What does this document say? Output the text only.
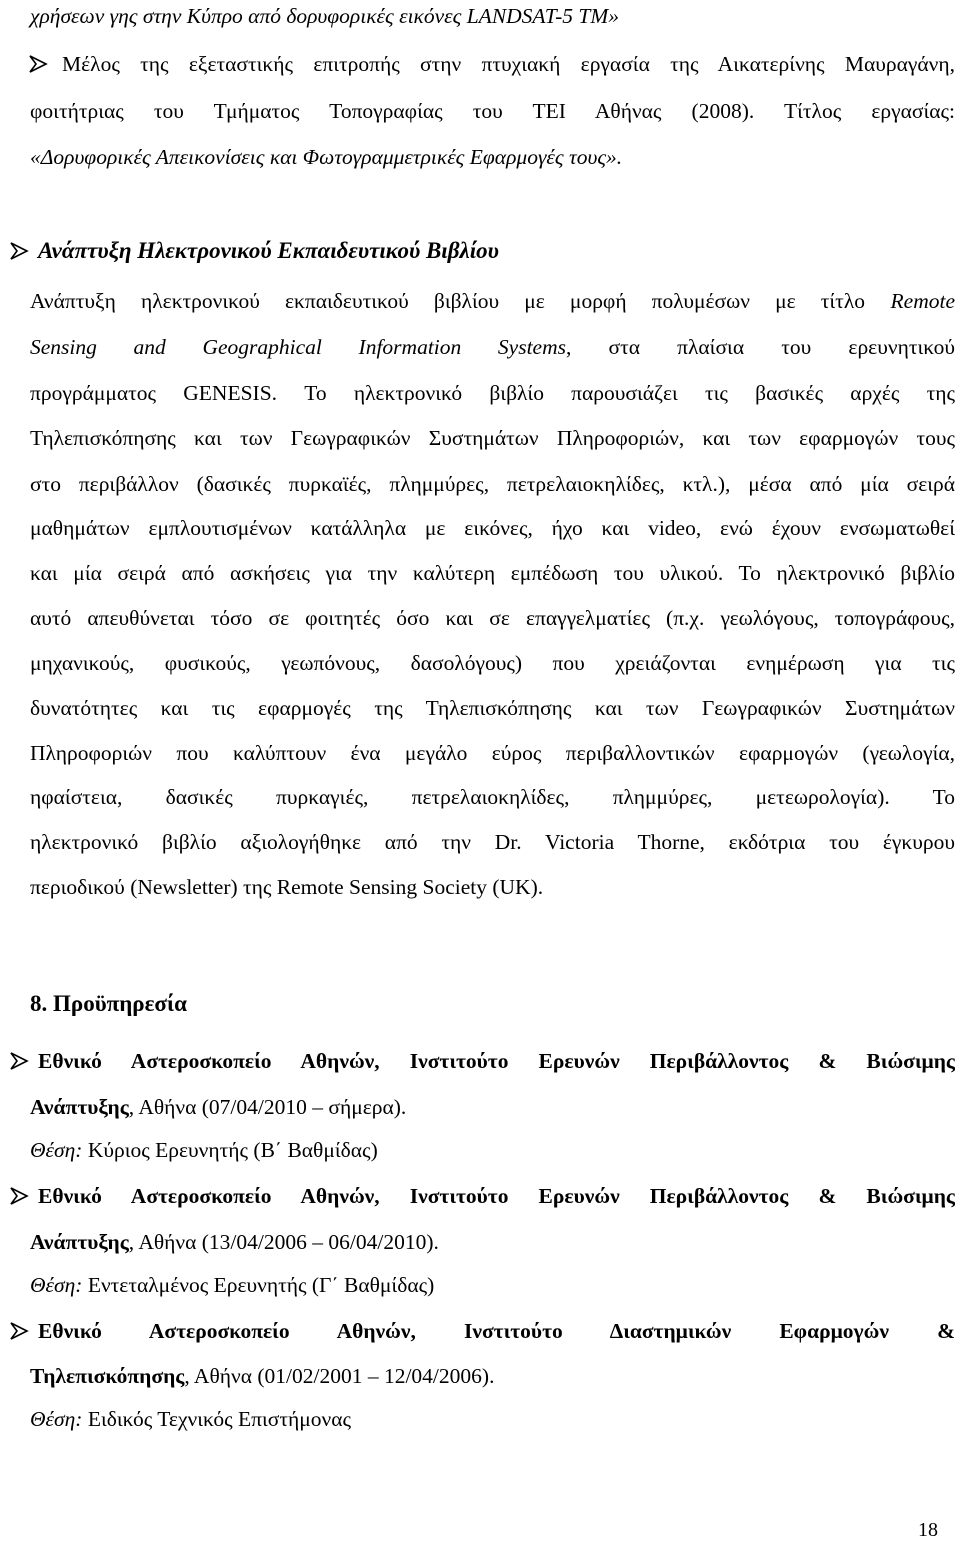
χρήσεων γης στην Κύπρο από δορυφορικές εικόνες LANDSAT-5 TM»
Μέλος της εξεταστικής επιτροπής στην πτυχιακή εργασία της Αικατερίνης Μαυραγάνη,
φοιτήτριας του Τμήματος Τοπογραφίας του ΤΕΙ Αθήνας (2008). Τίτλος εργασίας:
«Δορυφορικές Απεικονίσεις και Φωτογραμμετρικές Εφαρμογές τους».
Ανάπτυξη Ηλεκτρονικού Εκπαιδευτικού Βιβλίου
Ανάπτυξη ηλεκτρονικού εκπαιδευτικού βιβλίου με μορφή πολυμέσων με τίτλο Remote
Sensing and Geographical Information Systems , στα πλαίσια του ερευνητικού
προγράμματος GENESIS. Το ηλεκτρονικό βιβλίο παρουσιάζει τις βασικές αρχές της
Τηλεπισκόπησης και των Γεωγραφικών Συστημάτων Πληροφοριών, και των εφαρμογών τους
στο περιβάλλον (δασικές πυρκαϊές, πλημμύρες, πετρελαιοκηλίδες, κτλ.), μέσα από μία σειρά
μαθημάτων εμπλουτισμένων κατάλληλα με εικόνες, ήχο και video, ενώ έχουν ενσωματωθεί
και μία σειρά από ασκήσεις για την καλύτερη εμπέδωση του υλικού. Το ηλεκτρονικό βιβλίο
αυτό απευθύνεται τόσο σε φοιτητές όσο και σε επαγγελματίες (π.χ. γεωλόγους, τοπογράφους,
μηχανικούς, φυσικούς, γεωπόνους, δασολόγους) που χρειάζονται ενημέρωση για τις
δυνατότητες και τις εφαρμογές της Τηλεπισκόπησης και των Γεωγραφικών Συστημάτων
Πληροφοριών που καλύπτουν ένα μεγάλο εύρος περιβαλλοντικών εφαρμογών (γεωλογία,
ηφαίστεια, δασικές πυρκαγιές, πετρελαιοκηλίδες, πλημμύρες, μετεωρολογία). Το
ηλεκτρονικό βιβλίο αξιολογήθηκε από την Dr. Victoria Thorne, εκδότρια του έγκυρου
περιοδικού (Newsletter) της Remote Sensing Society (UK).
8. Προϋπηρεσία
Εθνικό Αστεροσκοπείο Αθηνών, Ινστιτούτο Ερευνών Περιβάλλοντος & Βιώσιμης
Ανάπτυξης, Αθήνα (07/04/2010 – σήμερα).
Θέση: Κύριος Ερευνητής (Β΄ Βαθμίδας)
Εθνικό Αστεροσκοπείο Αθηνών, Ινστιτούτο Ερευνών Περιβάλλοντος & Βιώσιμης
Ανάπτυξης, Αθήνα (13/04/2006 – 06/04/2010).
Θέση: Εντεταλμένος Ερευνητής (Γ΄ Βαθμίδας)
Εθνικό Αστεροσκοπείο Αθηνών, Ινστιτούτο Διαστημικών Εφαρμογών &
Τηλεπισκόπησης, Αθήνα (01/02/2001 – 12/04/2006).
Θέση: Ειδικός Τεχνικός Επιστήμονας
18
